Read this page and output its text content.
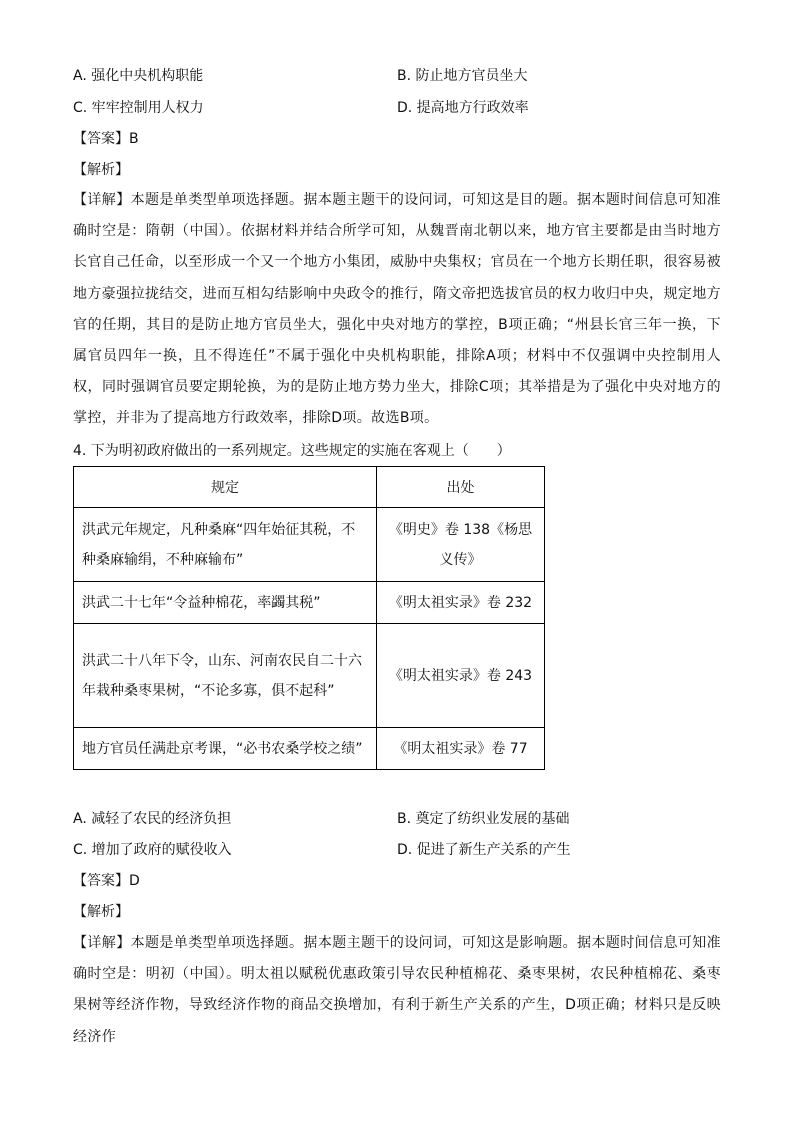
A. 强化中央机构职能	B. 防止地方官员坐大
C. 牢牢控制用人权力	D. 提高地方行政效率
【答案】B
【解析】
【详解】本题是单类型单项选择题。据本题主题干的设问词，可知这是目的题。据本题时间信息可知准确时空是：隋朝（中国）。依据材料并结合所学可知，从魏晋南北朝以来，地方官主要都是由当时地方长官自己任命，以至形成一个又一个地方小集团，威胁中央集权；官员在一个地方长期任职，很容易被地方豪强拉拢结交，进而互相勾结影响中央政令的推行，隋文帝把选拔官员的权力收归中央，规定地方官的任期，其目的是防止地方官员坐大，强化中央对地方的掌控，B项正确；“州县长官三年一换，下属官员四年一换，且不得连任”不属于强化中央机构职能，排除A项；材料中不仅强调中央控制用人权，同时强调官员要定期轮换，为的是防止地方势力坐大，排除C项；其举措是为了强化中央对地方的掌控，并非为了提高地方行政效率，排除D项。故选B项。
4. 下为明初政府做出的一系列规定。这些规定的实施在客观上（　　）
规定	出处
洪武元年规定，凡种桑麻“四年始征其税，不种桑麻输绢，不种麻输布”	《明史》卷 138《杨思义传》
洪武二十七年“令益种棉花，率蠲其税”	《明太祖实录》卷 232
洪武二十八年下令，山东、河南农民自二十六年栽种桑枣果树，“不论多寡，俱不起科”	《明太祖实录》卷 243
地方官员任满赴京考课，“必书农桑学校之绩”	《明太祖实录》卷 77
A. 减轻了农民的经济负担	B. 奠定了纺织业发展的基础
C. 增加了政府的赋役收入	D. 促进了新生产关系的产生
【答案】D
【解析】
【详解】本题是单类型单项选择题。据本题主题干的设问词，可知这是影响题。据本题时间信息可知准确时空是：明初（中国）。明太祖以赋税优惠政策引导农民种植棉花、桑枣果树，农民种植棉花、桑枣果树等经济作物，导致经济作物的商品交换增加，有利于新生产关系的产生，D项正确；材料只是反映经济作
